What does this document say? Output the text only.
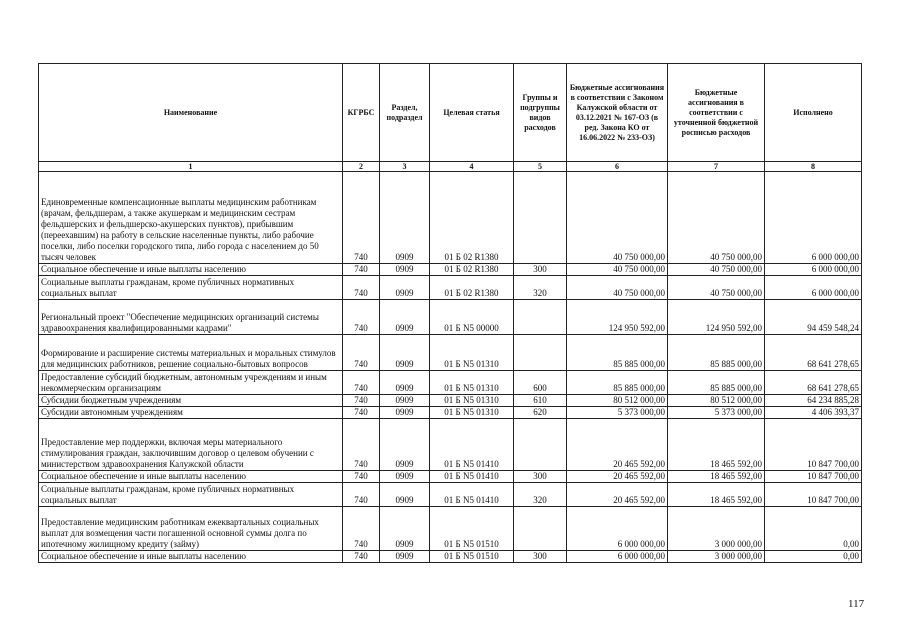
Наименование	КГРБС	Раздел, подраздел	Целевая статья	Группы и подгруппы видов расходов	Бюджетные ассигнования в соответствии с Законом Калужской области от 03.12.2021 № 167-ОЗ (в ред. Закона КО от 16.06.2022 № 233-ОЗ)	Бюджетные ассигнования в соответствии с уточненной бюджетной росписью расходов	Исполнено
1	2	3	4	5	6	7	8
Единовременные компенсационные выплаты медицинским работникам (врачам, фельдшерам, а также акушеркам и медицинским сестрам фельдшерских и фельдшерско-акушерских пунктов), прибывшим (переехавшим) на работу в сельские населенные пункты, либо рабочие поселки, либо поселки городского типа, либо города с населением до 50 тысяч человек	740	0909	01 Б 02 R1380		40 750 000,00	40 750 000,00	6 000 000,00
Социальное обеспечение и иные выплаты населению	740	0909	01 Б 02 R1380	300	40 750 000,00	40 750 000,00	6 000 000,00
Социальные выплаты гражданам, кроме публичных нормативных социальных выплат	740	0909	01 Б 02 R1380	320	40 750 000,00	40 750 000,00	6 000 000,00
Региональный проект "Обеспечение медицинских организаций системы здравоохранения квалифицированными кадрами"	740	0909	01 Б N5 00000		124 950 592,00	124 950 592,00	94 459 548,24
Формирование и расширение системы материальных и моральных стимулов для медицинских работников, решение социально-бытовых вопросов	740	0909	01 Б N5 01310		85 885 000,00	85 885 000,00	68 641 278,65
Предоставление субсидий бюджетным, автономным учреждениям и иным некоммерческим организациям	740	0909	01 Б N5 01310	600	85 885 000,00	85 885 000,00	68 641 278,65
Субсидии бюджетным учреждениям	740	0909	01 Б N5 01310	610	80 512 000,00	80 512 000,00	64 234 885,28
Субсидии автономным учреждениям	740	0909	01 Б N5 01310	620	5 373 000,00	5 373 000,00	4 406 393,37
Предоставление мер поддержки, включая меры материального стимулирования граждан, заключившим договор о целевом обучении с министерством здравоохранения Калужской области	740	0909	01 Б N5 01410		20 465 592,00	18 465 592,00	10 847 700,00
Социальное обеспечение и иные выплаты населению	740	0909	01 Б N5 01410	300	20 465 592,00	18 465 592,00	10 847 700,00
Социальные выплаты гражданам, кроме публичных нормативных социальных выплат	740	0909	01 Б N5 01410	320	20 465 592,00	18 465 592,00	10 847 700,00
Предоставление медицинским работникам ежеквартальных социальных выплат для возмещения части погашенной основной суммы долга по ипотечному жилищному кредиту (займу)	740	0909	01 Б N5 01510		6 000 000,00	3 000 000,00	0,00
Социальное обеспечение и иные выплаты населению	740	0909	01 Б N5 01510	300	6 000 000,00	3 000 000,00	0,00
117
